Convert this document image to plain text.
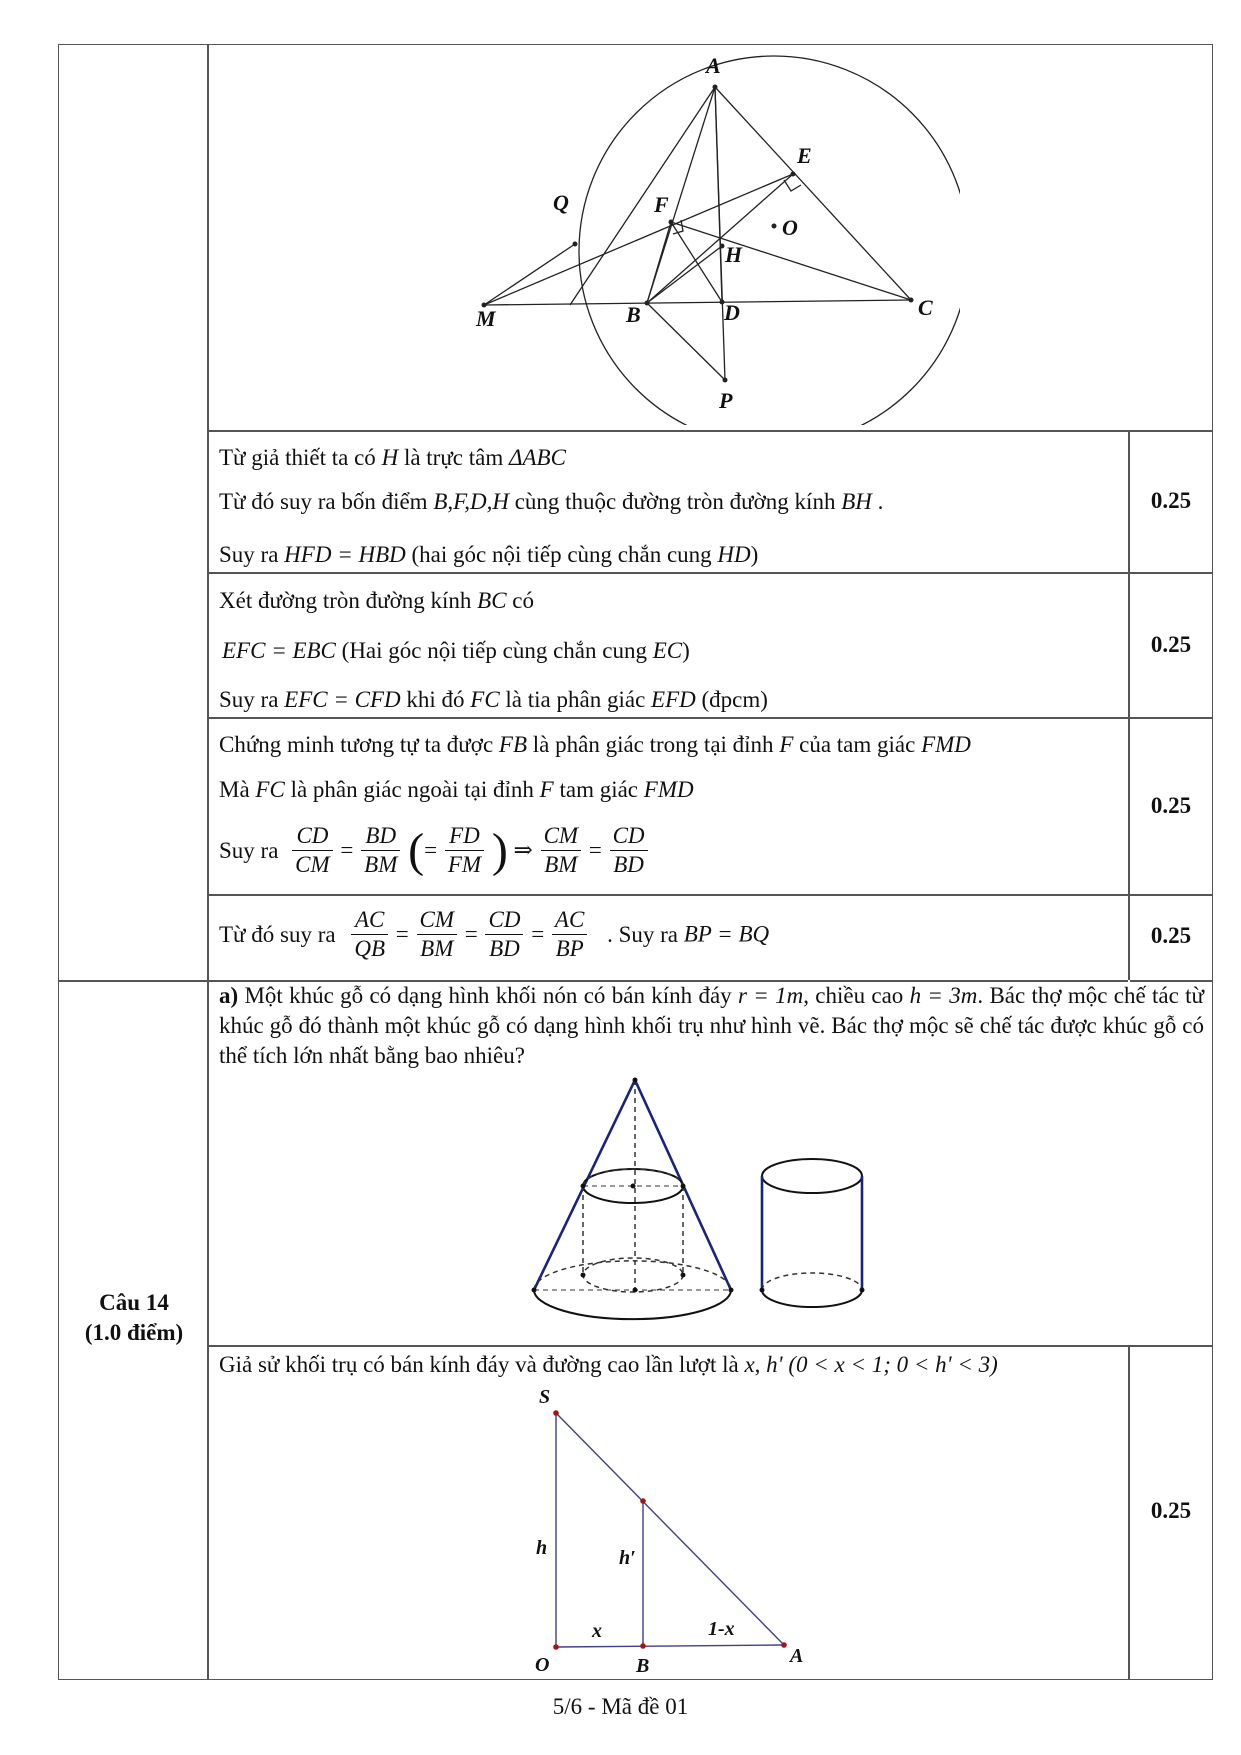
A
E
Q	F
O
H
M	B	D	C
P
Từ giả thiết ta có H là trực tâm ΔABC
Từ đó suy ra bốn điểm B,F,D,H cùng thuộc đường tròn đường kính BH .
Suy ra HFD = HBD (hai góc nội tiếp cùng chắn cung HD)
0.25
Xét đường tròn đường kính BC có
EFC = EBC (Hai góc nội tiếp cùng chắn cung EC)
Suy ra EFC = CFD khi đó FC là tia phân giác EFD (đpcm)
0.25
Chứng minh tương tự ta được FB là phân giác trong tại đỉnh F của tam giác FMD
Mà FC là phân giác ngoài tại đỉnh F tam giác FMD
Suy ra $\frac{CD}{CM} = \frac{BD}{BM}$ (= $\frac{FD}{FM}$ ) ⇒ $\frac{CM}{BM} = \frac{CD}{BD}$
0.25
Từ đó suy ra $\frac{AC}{QB} = \frac{CM}{BM} = \frac{CD}{BD} = \frac{AC}{BP}$ . Suy ra BP = BQ	0.25
Câu 14
(1.0 điểm)
a) Một khúc gỗ có dạng hình khối nón có bán kính đáy r = 1m, chiều cao h = 3m. Bác thợ mộc chế tác từ khúc gỗ đó thành một khúc gỗ có dạng hình khối trụ như hình vẽ. Bác thợ mộc sẽ chế tác được khúc gỗ có thể tích lớn nhất bằng bao nhiêu?
Giả sử khối trụ có bán kính đáy và đường cao lần lượt là x, h' (0 < x < 1; 0 < h' < 3)
0.25
S
h	h′
x	1-x
O	B	A
5/6 - Mã đề 01
